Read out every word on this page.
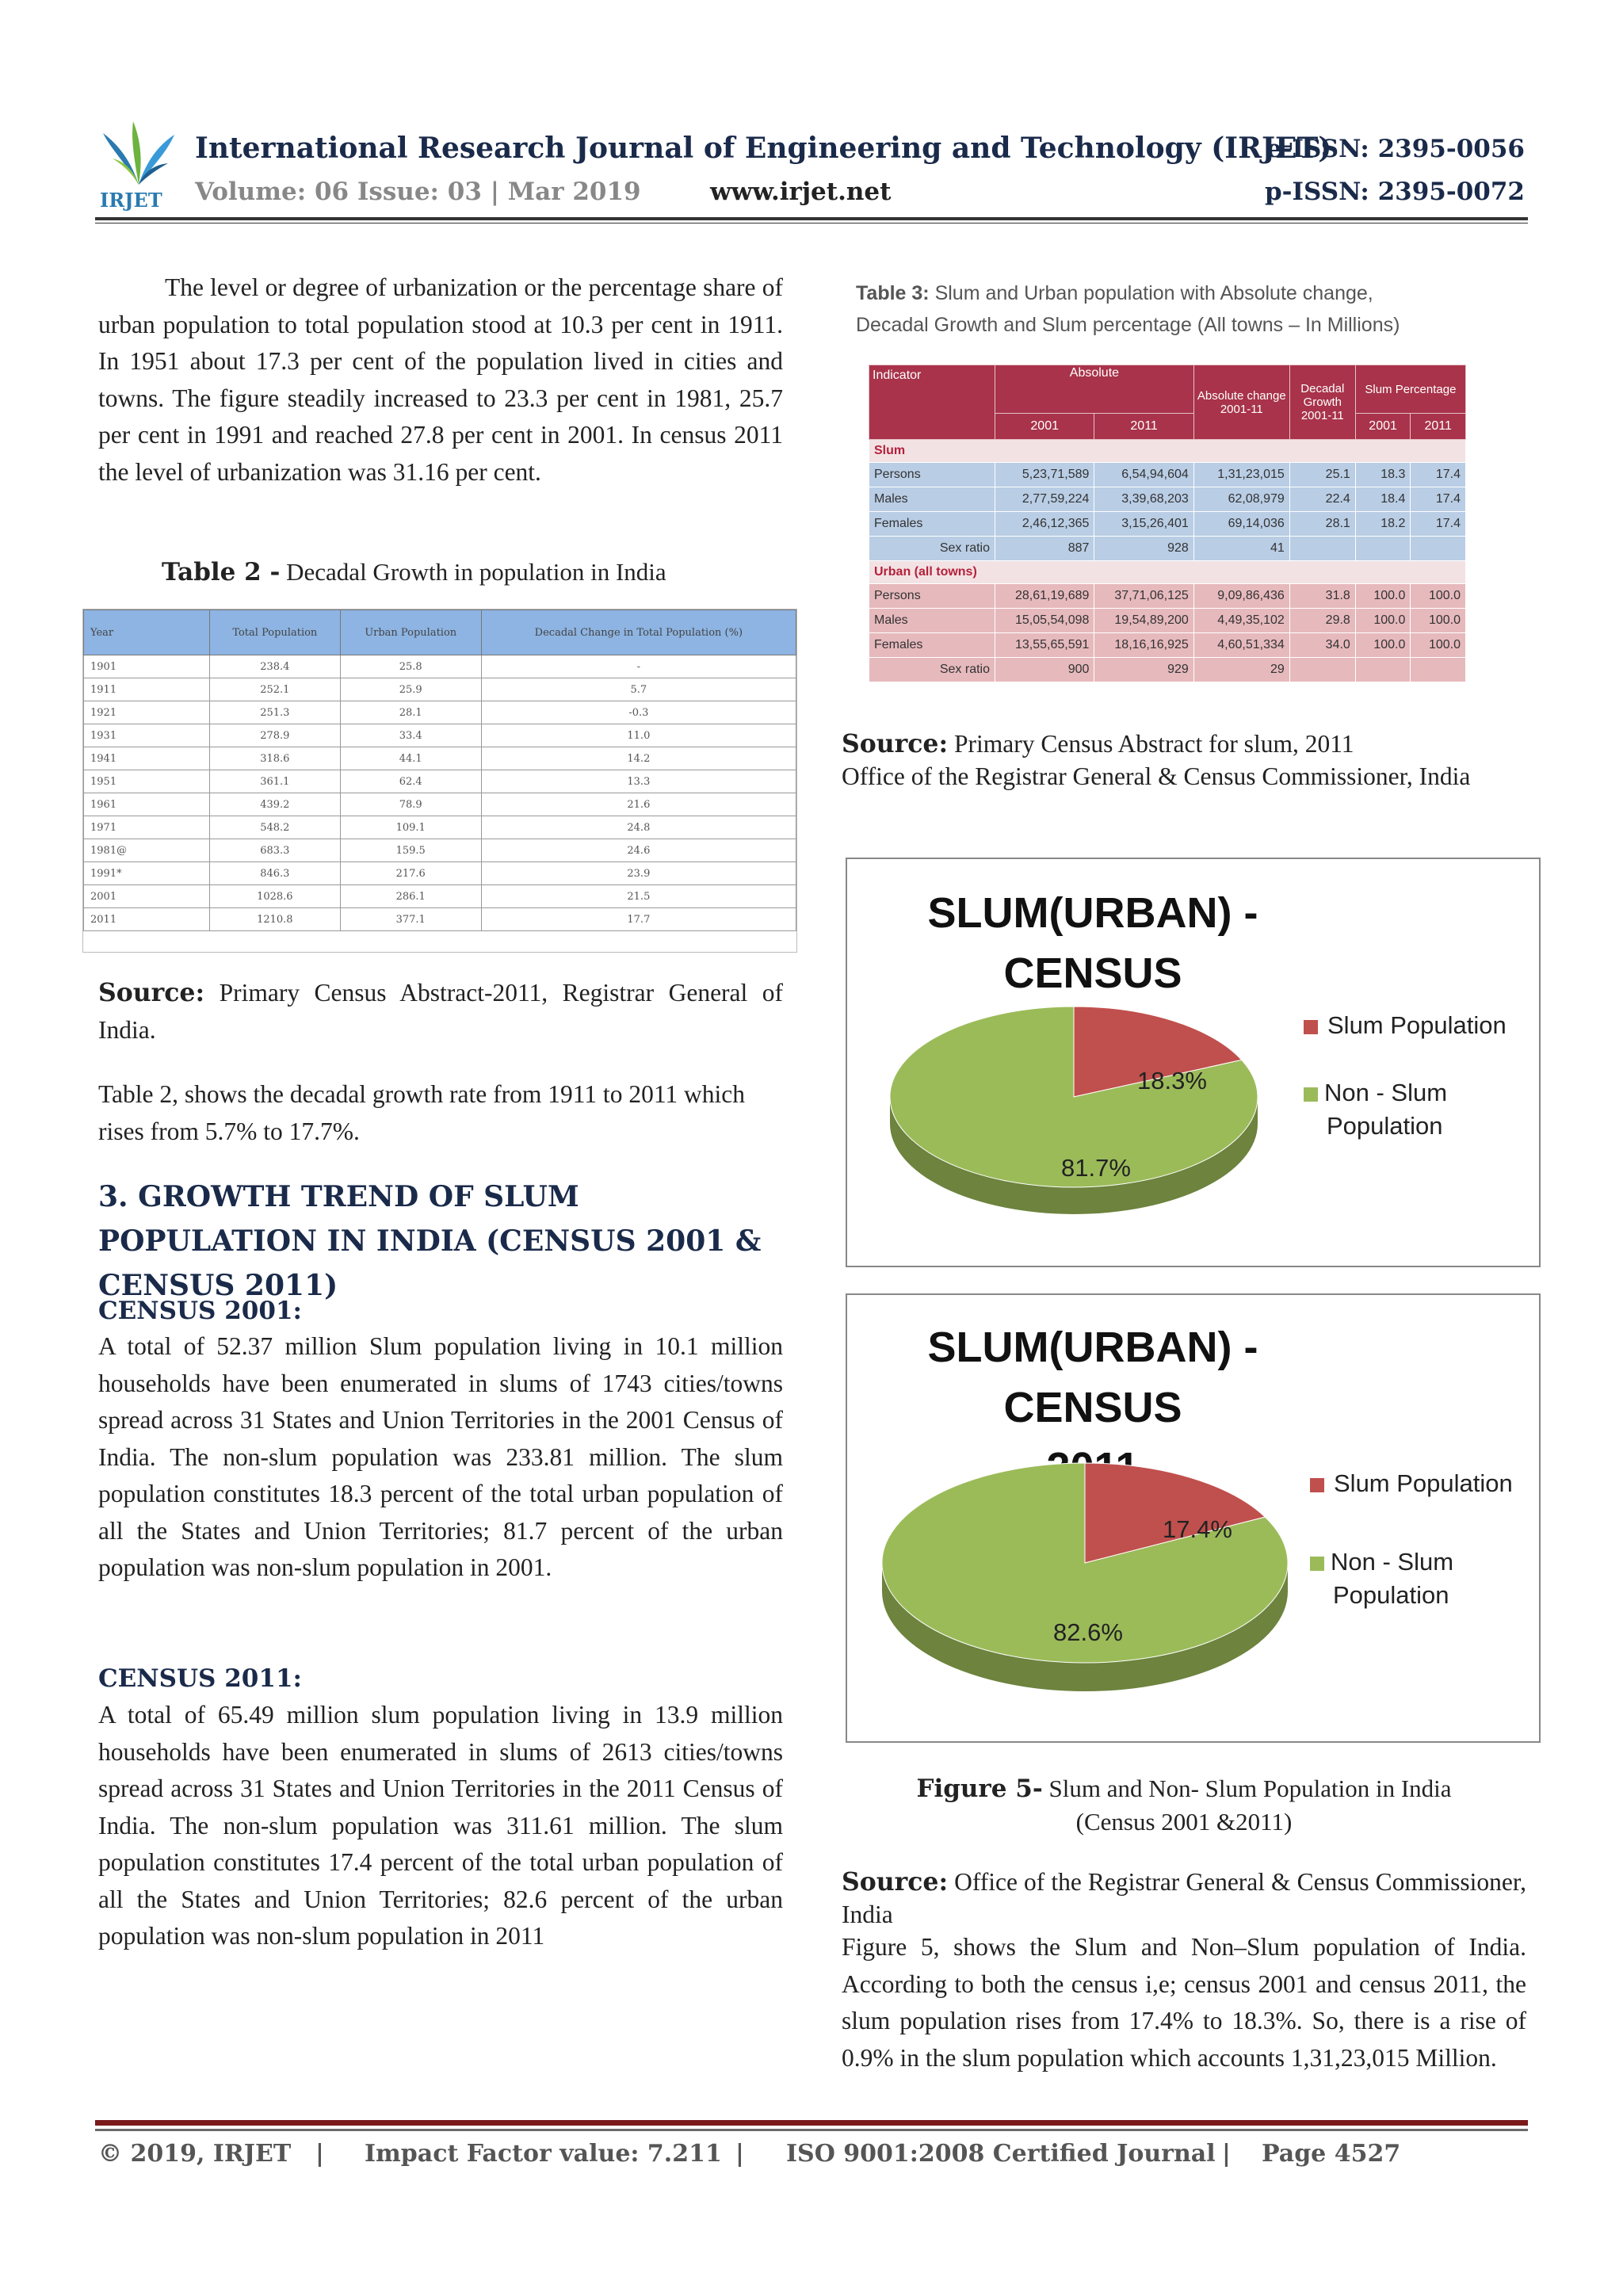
IRJET
International Research Journal of Engineering and Technology (IRJET)
Volume: 06 Issue: 03 | Mar 2019	www.irjet.net
e-ISSN: 2395-0056
p-ISSN: 2395-0072
The level or degree of urbanization or the percentage share of urban population to total population stood at 10.3 per cent in 1911. In 1951 about 17.3 per cent of the population lived in cities and towns. The figure steadily increased to 23.3 per cent in 1981, 25.7 per cent in 1991 and reached 27.8 per cent in 2001. In census 2011 the level of urbanization was 31.16 per cent.
Table 2 - Decadal Growth in population in India
Year	Total Population	Urban Population	Decadal Change in Total Population (%)
1901	238.4	25.8	-
1911	252.1	25.9	5.7
1921	251.3	28.1	-0.3
1931	278.9	33.4	11.0
1941	318.6	44.1	14.2
1951	361.1	62.4	13.3
1961	439.2	78.9	21.6
1971	548.2	109.1	24.8
1981@	683.3	159.5	24.6
1991*	846.3	217.6	23.9
2001	1028.6	286.1	21.5
2011	1210.8	377.1	17.7
Source: Primary Census Abstract-2011, Registrar General of India.
Table 2, shows the decadal growth rate from 1911 to 2011 which rises from 5.7% to 17.7%.
3. GROWTH TREND OF SLUM POPULATION IN INDIA (CENSUS 2001 & CENSUS 2011)
CENSUS 2001:
A total of 52.37 million Slum population living in 10.1 million households have been enumerated in slums of 1743 cities/towns spread across 31 States and Union Territories in the 2001 Census of India. The non-slum population was 233.81 million. The slum population constitutes 18.3 percent of the total urban population of all the States and Union Territories; 81.7 percent of the urban population was non-slum population in 2001.
CENSUS 2011:
A total of 65.49 million slum population living in 13.9 million households have been enumerated in slums of 2613 cities/towns spread across 31 States and Union Territories in the 2011 Census of India. The non-slum population was 311.61 million. The slum population constitutes 17.4 percent of the total urban population of all the States and Union Territories; 82.6 percent of the urban population was non-slum population in 2011
Table 3: Slum and Urban population with Absolute change,
Decadal Growth and Slum percentage (All towns – In Millions)
Indicator	Absolute		Absolute change 2001-11	Decadal Growth 2001-11	Slum Percentage	
	2001	2011			2001	2011
Slum						
Persons	5,23,71,589	6,54,94,604	1,31,23,015	25.1	18.3	17.4
Males	2,77,59,224	3,39,68,203	62,08,979	22.4	18.4	17.4
Females	2,46,12,365	3,15,26,401	69,14,036	28.1	18.2	17.4
Sex ratio	887	928	41			
Urban (all towns)						
Persons	28,61,19,689	37,71,06,125	9,09,86,436	31.8	100.0	100.0
Males	15,05,54,098	19,54,89,200	4,49,35,102	29.8	100.0	100.0
Females	13,55,65,591	18,16,16,925	4,60,51,334	34.0	100.0	100.0
Sex ratio	900	929	29			
Source: Primary Census Abstract for slum, 2011
Office of the Registrar General & Census Commissioner, India
SLUM(URBAN) -CENSUS
18.3%
81.7%
Slum Population
Non - Slum
Population
SLUM(URBAN) - CENSUS
17.4%
82.6%
Slum Population
Non - Slum
Population
Figure 5- Slum and Non- Slum Population in India
(Census 2001 &2011)
Source: Office of the Registrar General & Census Commissioner, India
Figure 5, shows the Slum and Non–Slum population of India. According to both the census i,e; census 2001 and census 2011, the slum population rises from 17.4% to 18.3%. So, there is a rise of 0.9% in the slum population which accounts 1,31,23,015 Million.
© 2019, IRJET | Impact Factor value: 7.211 | ISO 9001:2008 Certified Journal | Page 4527
